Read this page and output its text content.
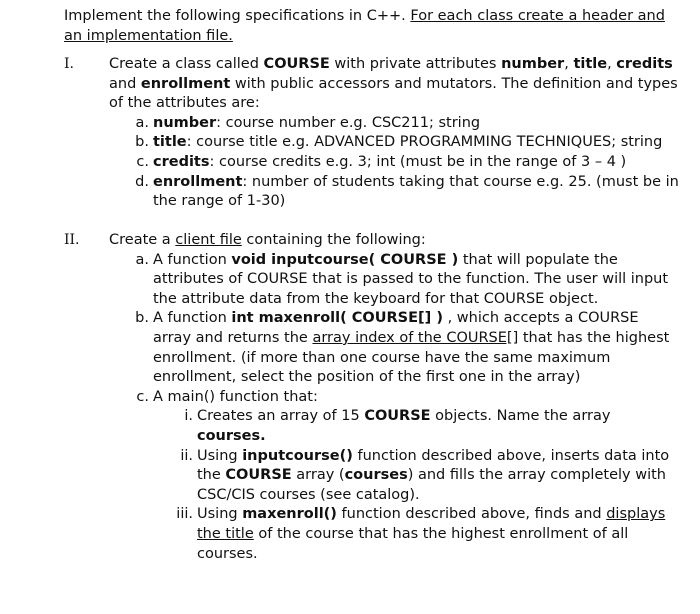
Implement the following specifications in C++. For each class create a header and an implementation file.
I.	Create a class called COURSE with private attributes number, title, credits and enrollment with public accessors and mutators. The definition and types of the attributes are:
a. number: course number e.g. CSC211; string
b. title: course title e.g. ADVANCED PROGRAMMING TECHNIQUES; string
c. credits: course credits e.g. 3; int (must be in the range of 3 – 4 )
d. enrollment: number of students taking that course e.g. 25. (must be in the range of 1-30)
II.	Create a client file containing the following:
a. A function void inputcourse( COURSE ) that will populate the attributes of COURSE that is passed to the function. The user will input the attribute data from the keyboard for that COURSE object.
b. A function int maxenroll( COURSE[] ) , which accepts a COURSE array and returns the array index of the COURSE[] that has the highest enrollment. (if more than one course have the same maximum enrollment, select the position of the first one in the array)
c. A main() function that:
i. Creates an array of 15 COURSE objects. Name the array courses.
ii. Using inputcourse() function described above, inserts data into the COURSE array (courses) and fills the array completely with CSC/CIS courses (see catalog).
iii. Using maxenroll() function described above, finds and displays the title of the course that has the highest enrollment of all courses.
